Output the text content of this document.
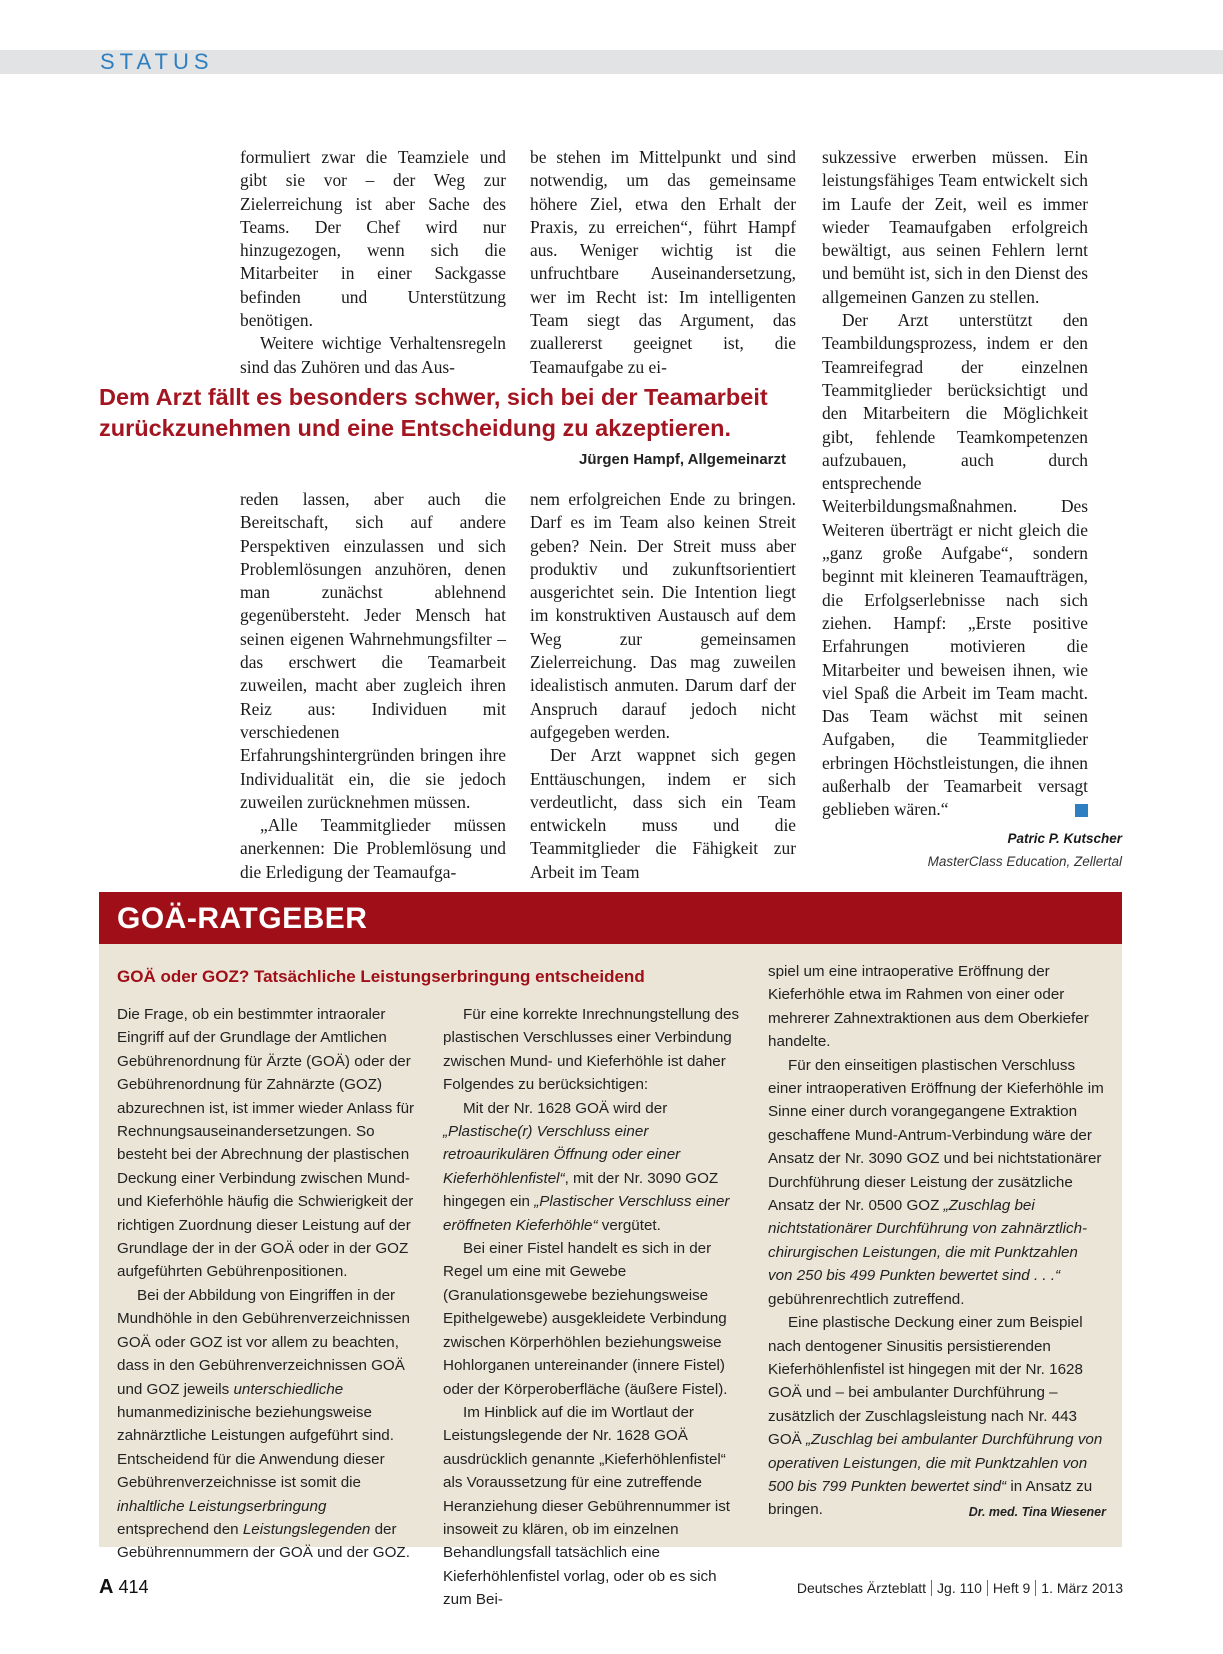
STATUS

formuliert zwar die Teamziele und gibt sie vor – der Weg zur Zielerreichung ist aber Sache des Teams. Der Chef wird nur hinzugezogen, wenn sich die Mitarbeiter in einer Sackgasse befinden und Unterstützung benötigen.

Weitere wichtige Verhaltensregeln sind das Zuhören und das Aus-

be stehen im Mittelpunkt und sind notwendig, um das gemeinsame höhere Ziel, etwa den Erhalt der Praxis, zu erreichen“, führt Hampf aus. Weniger wichtig ist die unfruchtbare Auseinandersetzung, wer im Recht ist: Im intelligenten Team siegt das Argument, das zuallererst geeignet ist, die Teamaufgabe zu ei-

Dem Arzt fällt es besonders schwer, sich bei der Teamarbeit zurückzunehmen und eine Entscheidung zu akzeptieren.
Jürgen Hampf, Allgemeinarzt

reden lassen, aber auch die Bereitschaft, sich auf andere Perspektiven einzulassen und sich Problemlösungen anzuhören, denen man zunächst ablehnend gegenübersteht. Jeder Mensch hat seinen eigenen Wahrnehmungsfilter – das erschwert die Teamarbeit zuweilen, macht aber zugleich ihren Reiz aus: Individuen mit verschiedenen Erfahrungshintergründen bringen ihre Individualität ein, die sie jedoch zuweilen zurücknehmen müssen.

„Alle Teammitglieder müssen anerkennen: Die Problemlösung und die Erledigung der Teamaufga-

nem erfolgreichen Ende zu bringen. Darf es im Team also keinen Streit geben? Nein. Der Streit muss aber produktiv und zukunftsorientiert ausgerichtet sein. Die Intention liegt im konstruktiven Austausch auf dem Weg zur gemeinsamen Zielerreichung. Das mag zuweilen idealistisch anmuten. Darum darf der Anspruch darauf jedoch nicht aufgegeben werden.

Der Arzt wappnet sich gegen Enttäuschungen, indem er sich verdeutlicht, dass sich ein Team entwickeln muss und die Teammitglieder die Fähigkeit zur Arbeit im Team

sukzessive erwerben müssen. Ein leistungsfähiges Team entwickelt sich im Laufe der Zeit, weil es immer wieder Teamaufgaben erfolgreich bewältigt, aus seinen Fehlern lernt und bemüht ist, sich in den Dienst des allgemeinen Ganzen zu stellen.

Der Arzt unterstützt den Teambildungsprozess, indem er den Teamreifegrad der einzelnen Teammitglieder berücksichtigt und den Mitarbeitern die Möglichkeit gibt, fehlende Teamkompetenzen aufzubauen, auch durch entsprechende Weiterbildungsmaßnahmen. Des Weiteren überträgt er nicht gleich die „ganz große Aufgabe“, sondern beginnt mit kleineren Teamaufträgen, die Erfolgserlebnisse nach sich ziehen. Hampf: „Erste positive Erfahrungen motivieren die Mitarbeiter und beweisen ihnen, wie viel Spaß die Arbeit im Team macht. Das Team wächst mit seinen Aufgaben, die Teammitglieder erbringen Höchstleistungen, die ihnen außerhalb der Teamarbeit versagt geblieben wären.“

Patric P. Kutscher
MasterClass Education, Zellertal
GOÄ-RATGEBER
GOÄ oder GOZ? Tatsächliche Leistungserbringung entscheidend

Die Frage, ob ein bestimmter intraoraler Eingriff auf der Grundlage der Amtlichen Gebührenordnung für Ärzte (GOÄ) oder der Gebührenordnung für Zahnärzte (GOZ) abzurechnen ist, ist immer wieder Anlass für Rechnungsauseinandersetzungen. So besteht bei der Abrechnung der plastischen Deckung einer Verbindung zwischen Mund- und Kieferhöhle häufig die Schwierigkeit der richtigen Zuordnung dieser Leistung auf der Grundlage der in der GOÄ oder in der GOZ aufgeführten Gebührenpositionen.

Bei der Abbildung von Eingriffen in der Mundhöhle in den Gebührenverzeichnissen GOÄ oder GOZ ist vor allem zu beachten, dass in den Gebührenverzeichnissen GOÄ und GOZ jeweils unterschiedliche humanmedizinische beziehungsweise zahnärztliche Leistungen aufgeführt sind. Entscheidend für die Anwendung dieser Gebührenverzeichnisse ist somit die inhaltliche Leistungserbringung entsprechend den Leistungslegenden der Gebührennummern der GOÄ und der GOZ.

Für eine korrekte Inrechnungstellung des plastischen Verschlusses einer Verbindung zwischen Mund- und Kieferhöhle ist daher Folgendes zu berücksichtigen:

Mit der Nr. 1628 GOÄ wird der „Plastische(r) Verschluss einer retroaurikulären Öffnung oder einer Kieferhöhlenfistel“, mit der Nr. 3090 GOZ hingegen ein „Plastischer Verschluss einer eröffneten Kieferhöhle“ vergütet.

Bei einer Fistel handelt es sich in der Regel um eine mit Gewebe (Granulationsgewebe beziehungsweise Epithelgewebe) ausgekleidete Verbindung zwischen Körperhöhlen beziehungsweise Hohlorganen untereinander (innere Fistel) oder der Körperoberfläche (äußere Fistel).

Im Hinblick auf die im Wortlaut der Leistungslegende der Nr. 1628 GOÄ ausdrücklich genannte „Kieferhöhlenfistel“ als Voraussetzung für eine zutreffende Heranziehung dieser Gebührennummer ist insoweit zu klären, ob im einzelnen Behandlungsfall tatsächlich eine Kieferhöhlenfistel vorlag, oder ob es sich zum Bei-

spiel um eine intraoperative Eröffnung der Kieferhöhle etwa im Rahmen von einer oder mehrerer Zahnextraktionen aus dem Oberkiefer handelte.

Für den einseitigen plastischen Verschluss einer intraoperativen Eröffnung der Kieferhöhle im Sinne einer durch vorangegangene Extraktion geschaffene Mund-Antrum-Verbindung wäre der Ansatz der Nr. 3090 GOZ und bei nichtstationärer Durchführung dieser Leistung der zusätzliche Ansatz der Nr. 0500 GOZ „Zuschlag bei nichtstationärer Durchführung von zahnärztlich-chirurgischen Leistungen, die mit Punktzahlen von 250 bis 499 Punkten bewertet sind . . .“ gebührenrechtlich zutreffend.

Eine plastische Deckung einer zum Beispiel nach dentogener Sinusitis persistierenden Kieferhöhlenfistel ist hingegen mit der Nr. 1628 GOÄ und – bei ambulanter Durchführung – zusätzlich der Zuschlagsleistung nach Nr. 443 GOÄ „Zuschlag bei ambulanter Durchführung von operativen Leistungen, die mit Punktzahlen von 500 bis 799 Punkten bewertet sind“ in Ansatz zu bringen.	Dr. med. Tina Wiesener

A 414	Deutsches Ärzteblatt Jg. 110 Heft 9 1. März 2013
